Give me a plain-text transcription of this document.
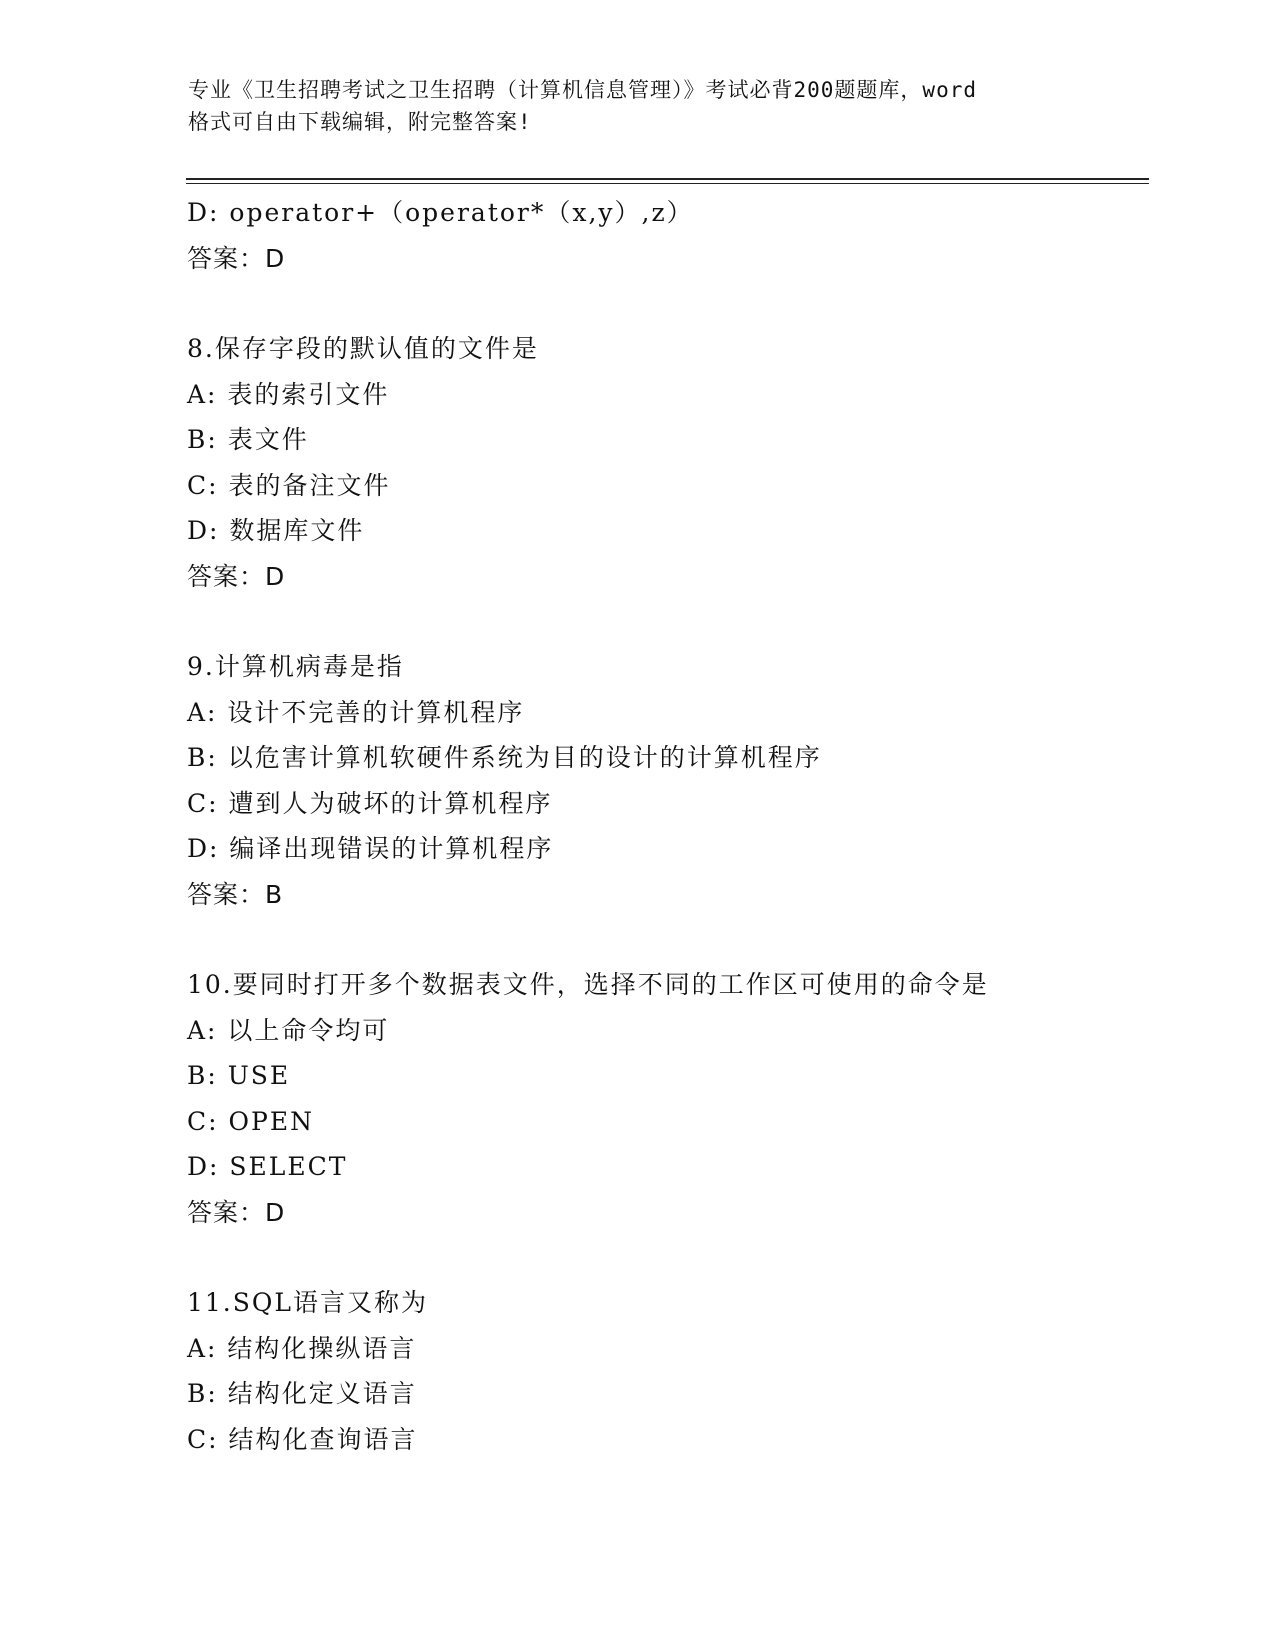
专业《卫生招聘考试之卫生招聘（计算机信息管理）》考试必背200题题库，word
格式可自由下载编辑，附完整答案!
D: operator+（operator*（x,y）,z）
答案：D
8.保存字段的默认值的文件是
A: 表的索引文件
B: 表文件
C: 表的备注文件
D: 数据库文件
答案：D
9.计算机病毒是指
A: 设计不完善的计算机程序
B: 以危害计算机软硬件系统为目的设计的计算机程序
C: 遭到人为破坏的计算机程序
D: 编译出现错误的计算机程序
答案：B
10.要同时打开多个数据表文件，选择不同的工作区可使用的命令是
A: 以上命令均可
B: USE
C: OPEN
D: SELECT
答案：D
11.SQL语言又称为
A: 结构化操纵语言
B: 结构化定义语言
C: 结构化查询语言
